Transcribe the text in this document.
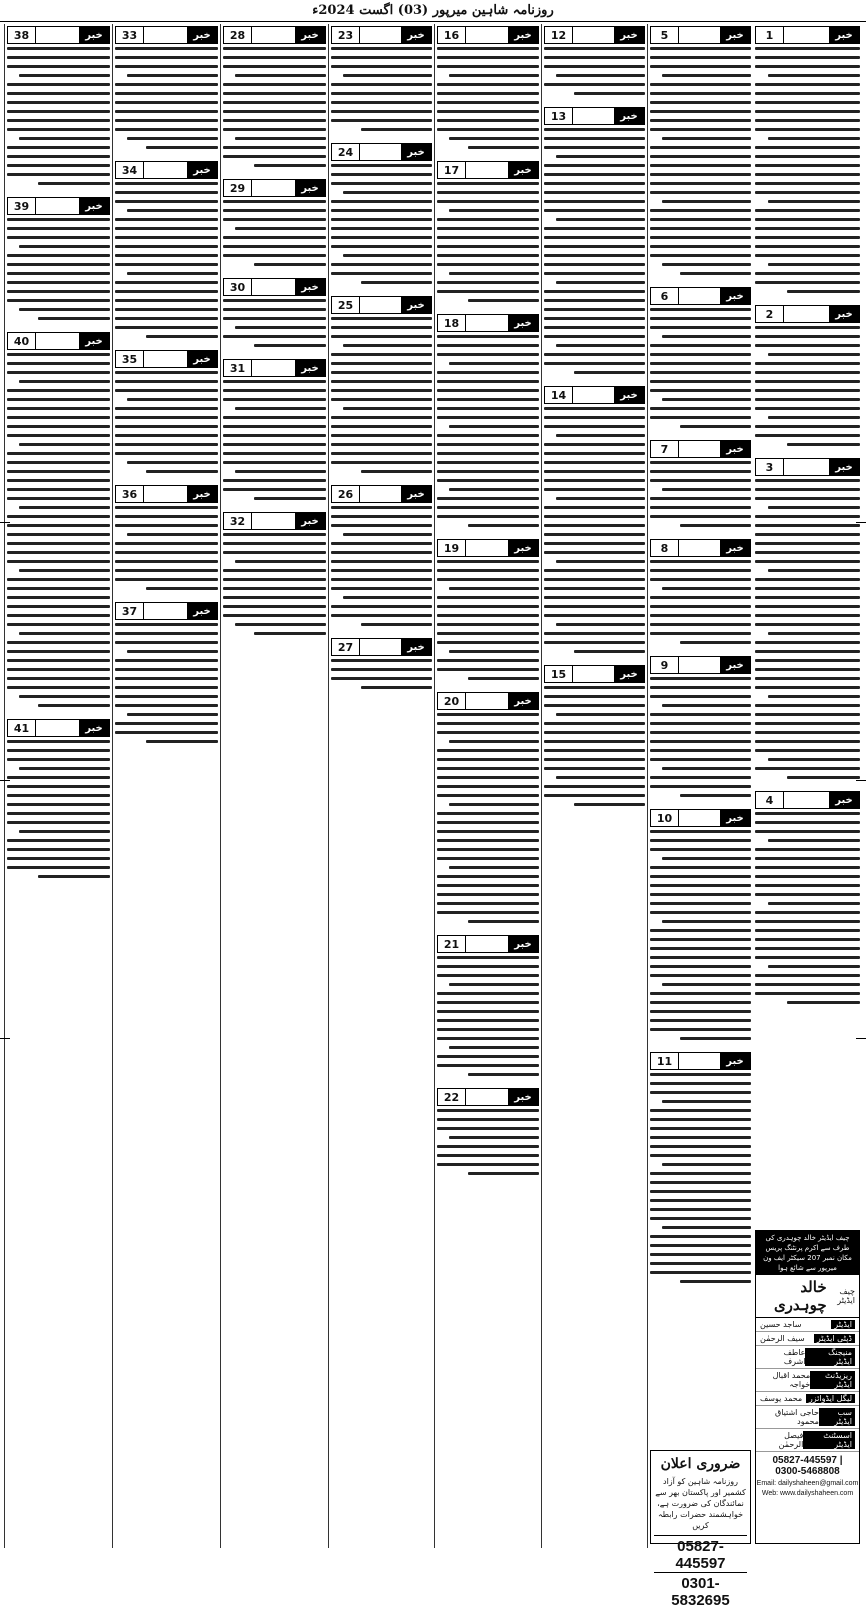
روزنامہ شاہین میرپور (03) اگست 2024ء
38	خبر
39	خبر
40	خبر
41	خبر
33	خبر
34	خبر
35	خبر
36	خبر
37	خبر
28	خبر
29	خبر
30	خبر
31	خبر
32	خبر
23	خبر
24	خبر
25	خبر
26	خبر
27	خبر
16	خبر
17	خبر
18	خبر
19	خبر
20	خبر
21	خبر
22	خبر
12	خبر
13	خبر
14	خبر
15	خبر
5	خبر
6	خبر
7	خبر
8	خبر
9	خبر
10	خبر
11	خبر
ضروری اعلان
روزنامہ شاہین کو آزاد کشمیر اور پاکستان بھر سے نمائندگان کی ضرورت ہے، خواہشمند حضرات رابطہ کریں
05827-445597
0301-5832695
1	خبر
2	خبر
3	خبر
4	خبر
چیف ایڈیٹر خالد چوہدری کی طرف سے اکرم پرنٹنگ پریس مکان نمبر 207 سیکٹر ایف ون میرپور سے شائع ہوا
چیف ایڈیٹر
خالد چوہدری
ایڈیٹر
ساجد حسین
ڈپٹی ایڈیٹر
سیف الرحمٰن
منیجنگ ایڈیٹر
عاطف اشرف
ریزیڈنٹ ایڈیٹر
محمد اقبال خواجہ
لیگل ایڈوائزر
محمد یوسف
سب ایڈیٹر
حاجی اشتیاق محمود
اسسٹنٹ ایڈیٹر
فیصل الرحمٰن
05827-445597 | 0300-5468808
Email: dailyshaheen@gmail.com
Web: www.dailyshaheen.com
